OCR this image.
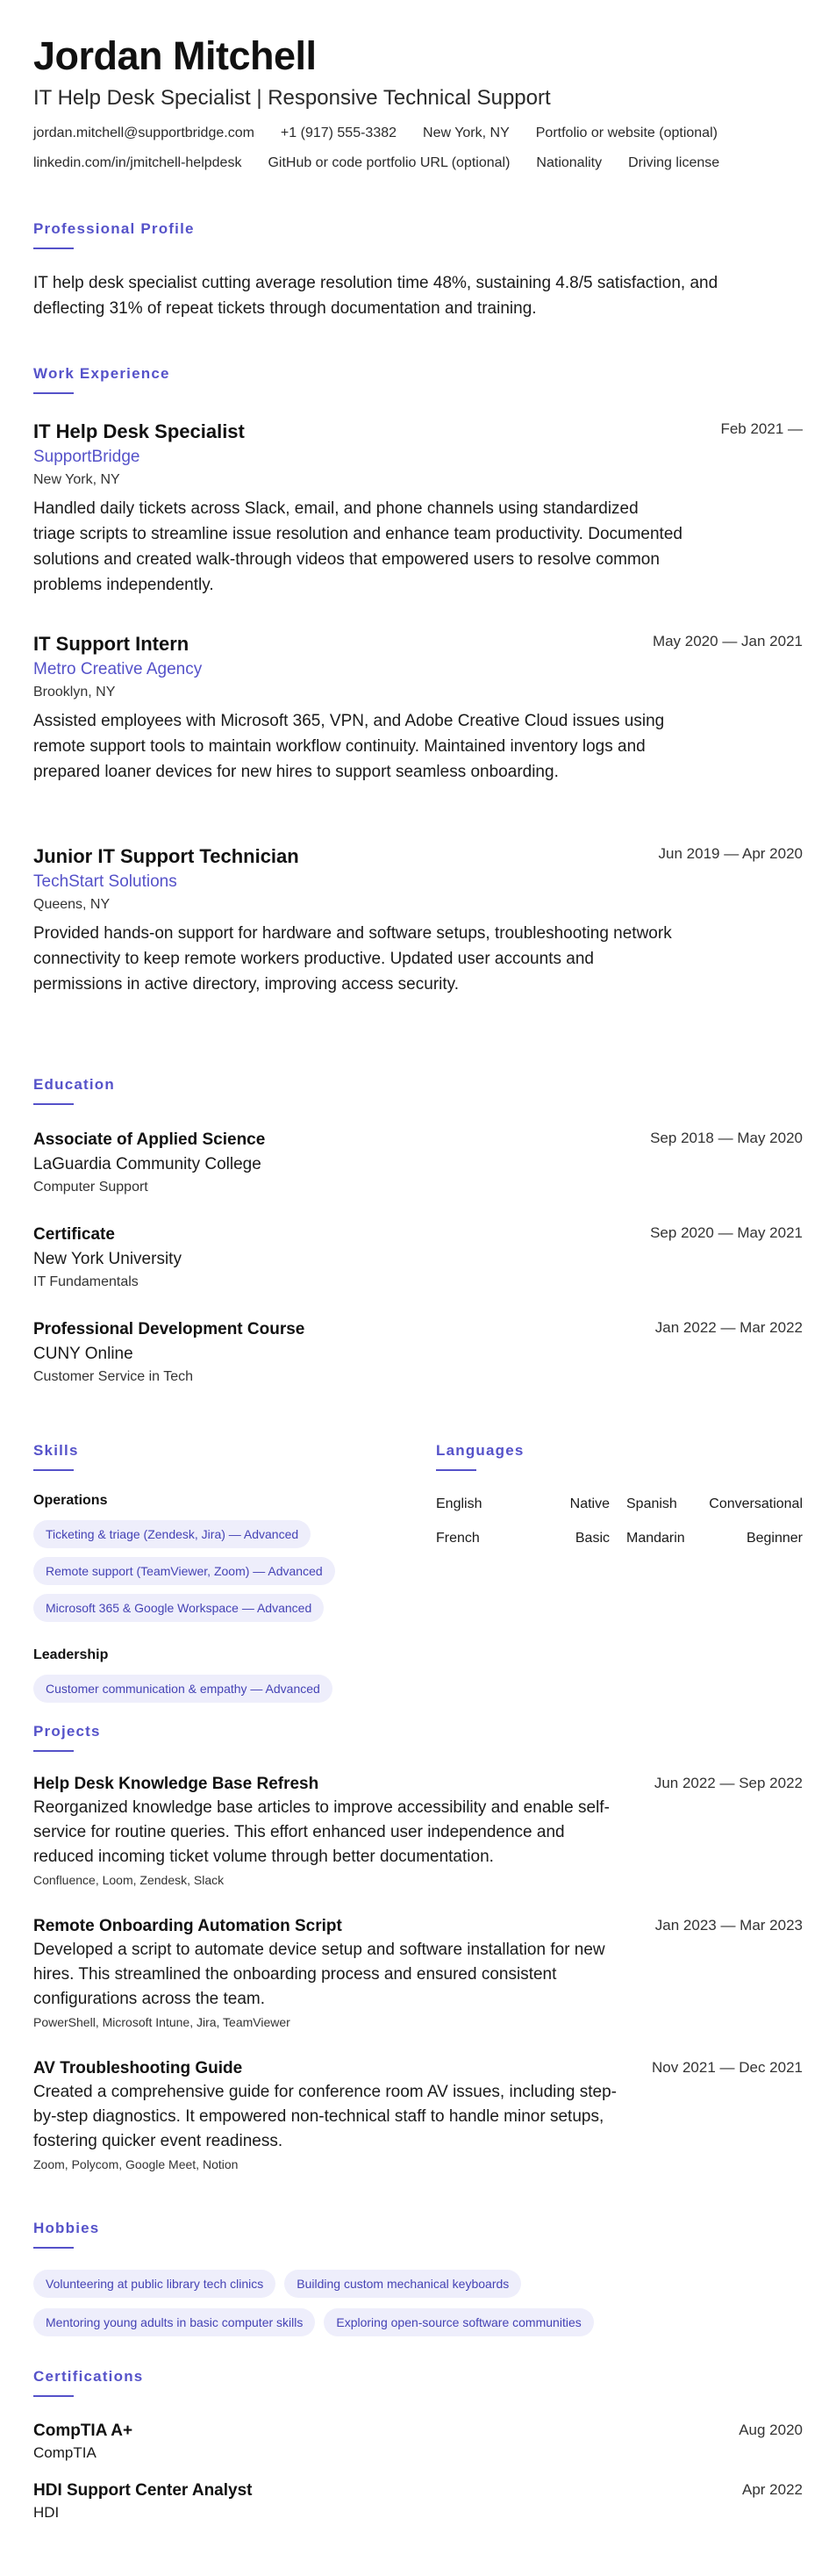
Jordan Mitchell
IT Help Desk Specialist | Responsive Technical Support
jordan.mitchell@supportbridge.com +1 (917) 555-3382 New York, NY Portfolio or website (optional)
linkedin.com/in/jmitchell-helpdesk GitHub or code portfolio URL (optional) Nationality Driving license
Professional Profile
IT help desk specialist cutting average resolution time 48%, sustaining 4.8/5 satisfaction, and deflecting 31% of repeat tickets through documentation and training.
Work Experience
IT Help Desk Specialist
SupportBridge
New York, NY
Handled daily tickets across Slack, email, and phone channels using standardized triage scripts to streamline issue resolution and enhance team productivity. Documented solutions and created walk-through videos that empowered users to resolve common problems independently.
Feb 2021 —
IT Support Intern
Metro Creative Agency
Brooklyn, NY
Assisted employees with Microsoft 365, VPN, and Adobe Creative Cloud issues using remote support tools to maintain workflow continuity. Maintained inventory logs and prepared loaner devices for new hires to support seamless onboarding.
May 2020 — Jan 2021
Junior IT Support Technician
TechStart Solutions
Queens, NY
Provided hands-on support for hardware and software setups, troubleshooting network connectivity to keep remote workers productive. Updated user accounts and permissions in active directory, improving access security.
Jun 2019 — Apr 2020
Education
Associate of Applied Science
LaGuardia Community College
Computer Support
Sep 2018 — May 2020
Certificate
New York University
IT Fundamentals
Sep 2020 — May 2021
Professional Development Course
CUNY Online
Customer Service in Tech
Jan 2022 — Mar 2022
Skills
Operations
Ticketing & triage (Zendesk, Jira) — Advanced
Remote support (TeamViewer, Zoom) — Advanced
Microsoft 365 & Google Workspace — Advanced
Leadership
Customer communication & empathy — Advanced
Languages
English	Native Spanish Conversational
French	Basic Mandarin	Beginner
Projects
Help Desk Knowledge Base Refresh
Reorganized knowledge base articles to improve accessibility and enable self-service for routine queries. This effort enhanced user independence and reduced incoming ticket volume through better documentation.
Confluence, Loom, Zendesk, Slack
Jun 2022 — Sep 2022
Remote Onboarding Automation Script
Developed a script to automate device setup and software installation for new hires. This streamlined the onboarding process and ensured consistent configurations across the team.
PowerShell, Microsoft Intune, Jira, TeamViewer
Jan 2023 — Mar 2023
AV Troubleshooting Guide
Created a comprehensive guide for conference room AV issues, including step-by-step diagnostics. It empowered non-technical staff to handle minor setups, fostering quicker event readiness.
Zoom, Polycom, Google Meet, Notion
Nov 2021 — Dec 2021
Hobbies
Volunteering at public library tech clinics	Building custom mechanical keyboards
Mentoring young adults in basic computer skills	Exploring open-source software communities
Certifications
CompTIA A+
CompTIA
Aug 2020
HDI Support Center Analyst
HDI
Apr 2022
